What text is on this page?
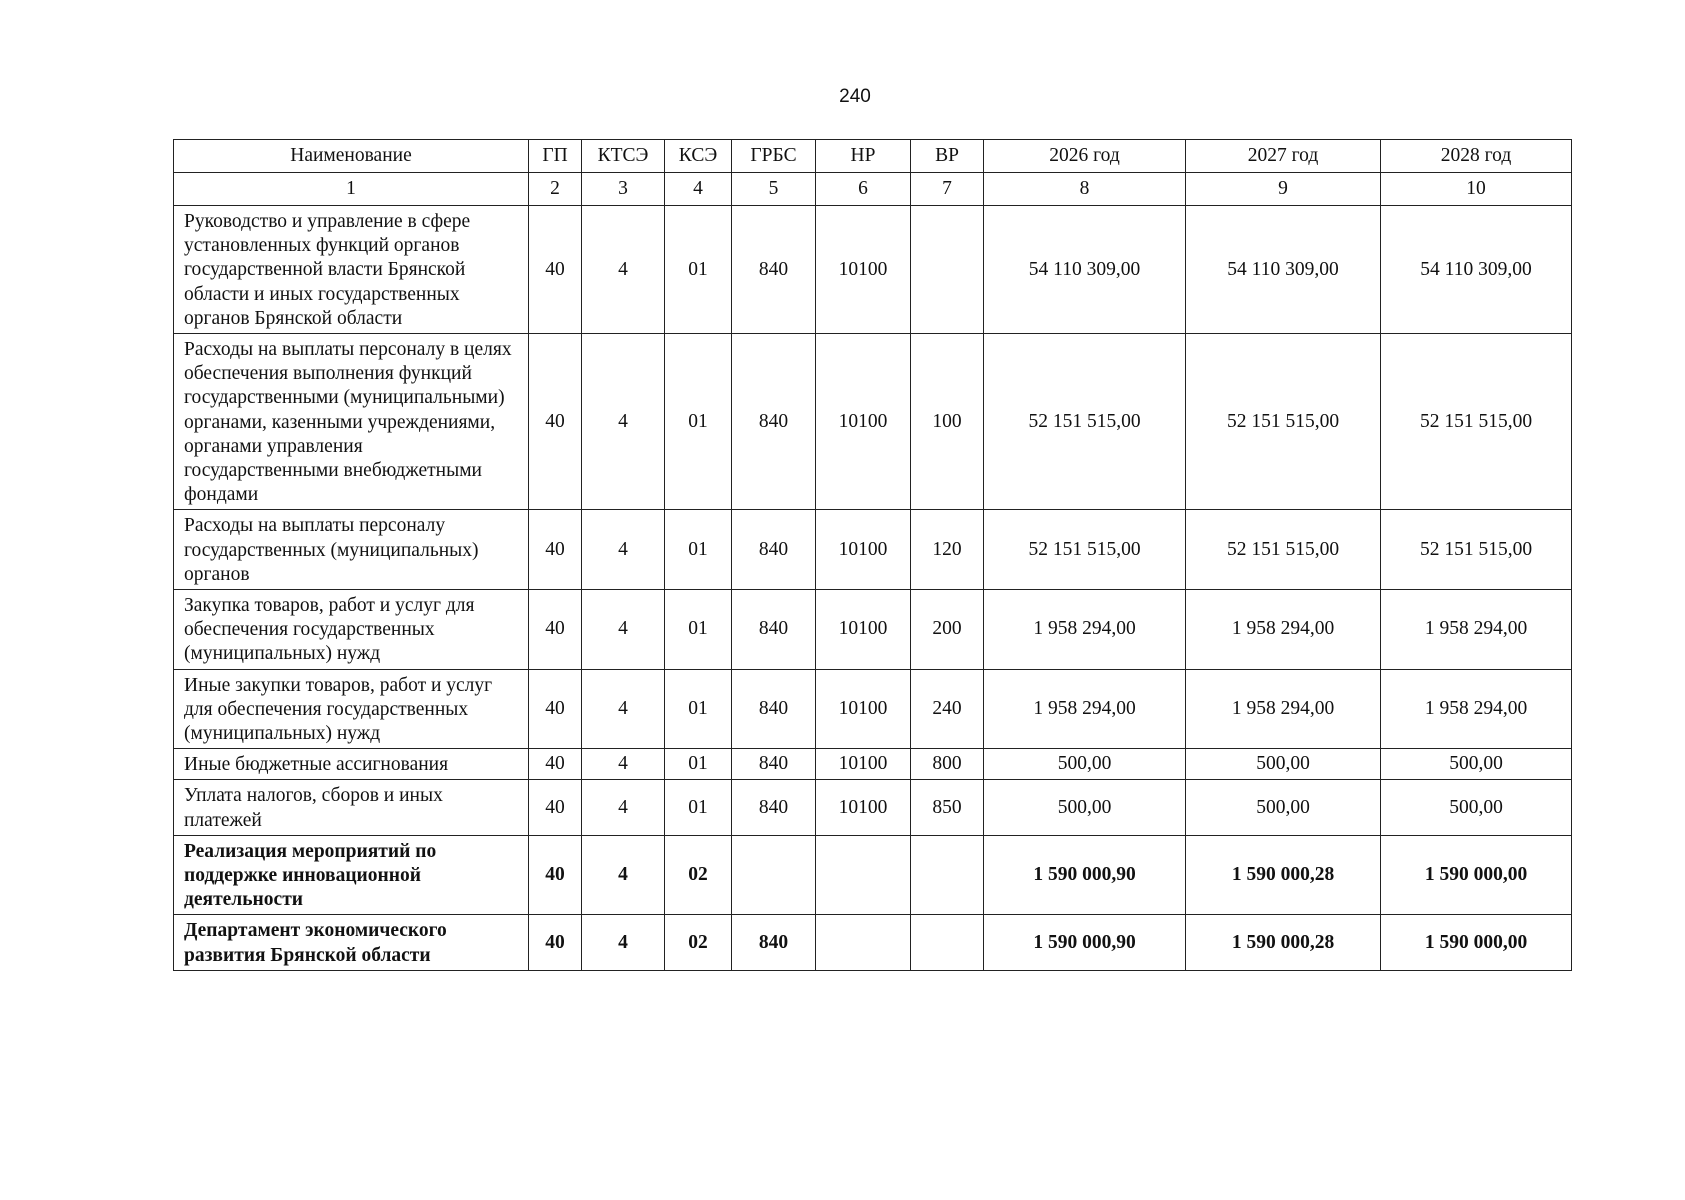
240
Наименование	ГП	КТСЭ	КСЭ	ГРБС	НР	ВР	2026 год	2027 год	2028 год
1	2	3	4	5	6	7	8	9	10
Руководство и управление в сфере установленных функций органов государственной власти Брянской области и иных государственных органов Брянской области	40	4	01	840	10100		54 110 309,00	54 110 309,00	54 110 309,00
Расходы на выплаты персоналу в целях обеспечения выполнения функций государственными (муниципальными) органами, казенными учреждениями, органами управления государственными внебюджетными фондами	40	4	01	840	10100	100	52 151 515,00	52 151 515,00	52 151 515,00
Расходы на выплаты персоналу государственных (муниципальных) органов	40	4	01	840	10100	120	52 151 515,00	52 151 515,00	52 151 515,00
Закупка товаров, работ и услуг для обеспечения государственных (муниципальных) нужд	40	4	01	840	10100	200	1 958 294,00	1 958 294,00	1 958 294,00
Иные закупки товаров, работ и услуг для обеспечения государственных (муниципальных) нужд	40	4	01	840	10100	240	1 958 294,00	1 958 294,00	1 958 294,00
Иные бюджетные ассигнования	40	4	01	840	10100	800	500,00	500,00	500,00
Уплата налогов, сборов и иных платежей	40	4	01	840	10100	850	500,00	500,00	500,00
Реализация мероприятий по поддержке инновационной деятельности	40	4	02				1 590 000,90	1 590 000,28	1 590 000,00
Департамент экономического развития Брянской области	40	4	02	840			1 590 000,90	1 590 000,28	1 590 000,00
